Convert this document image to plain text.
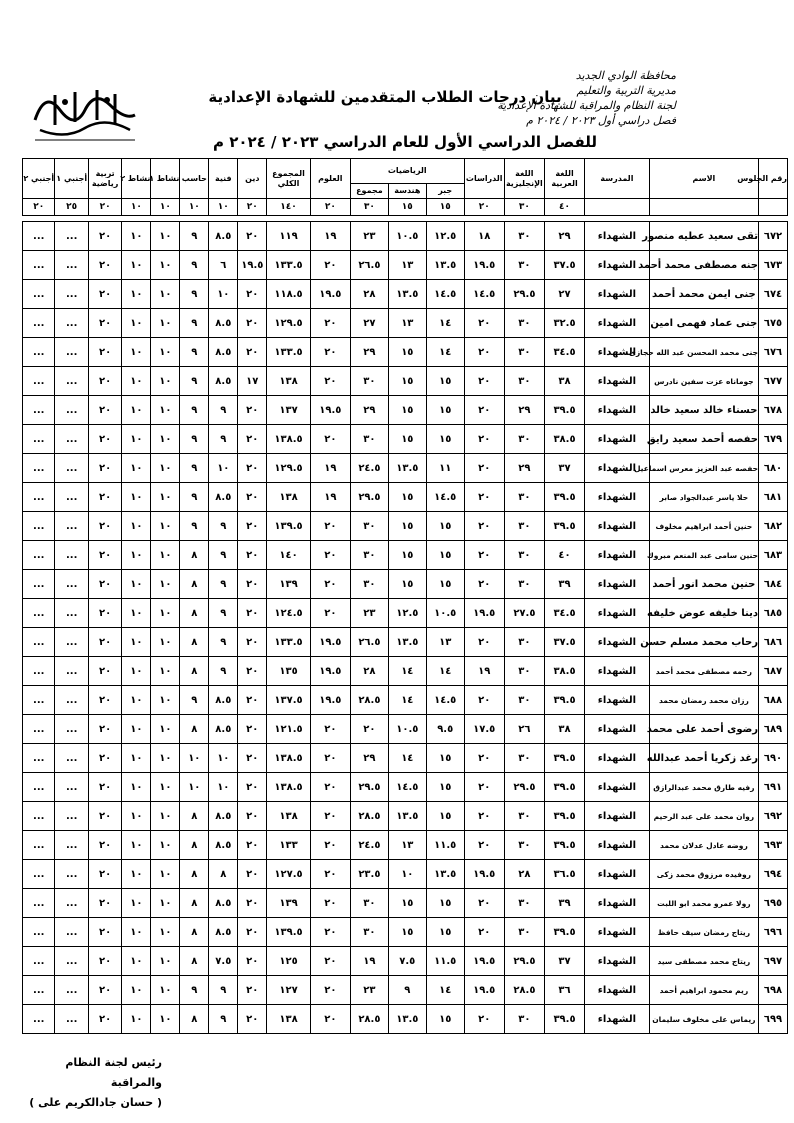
محافظة الوادي الجديد
مديرية التربية والتعليم
لجنة النظام والمراقبة للشهادة الإعدادية
فصل دراسي أول ٢٠٢٣ / ٢٠٢٤ م
بيان درجات الطلاب المتقدمين للشهادة الإعدادية
للفصل الدراسي الأول للعام الدراسي ٢٠٢٣ / ٢٠٢٤ م
رقم الجلوس	الاسم	المدرسة	اللغة العربية	اللغة الإنجليزية	الدراسات	الرياضيات			العلوم	المجموع الكلي	دين	فنية	حاسب	نشاط ١	نشاط ٢	تربية رياضية	أجنبي ١	أجنبي ٢
						جبر	هندسة	مجموع										
			٤٠	٣٠	٢٠	١٥	١٥	٣٠	٢٠	١٤٠	٢٠	١٠	١٠	١٠	١٠	٢٠	٢٥	٢٠

٦٧٢	تقى سعيد عطيه منصور	الشهداء	٢٩	٣٠	١٨	١٢.٥	١٠.٥	٢٣	١٩	١١٩	٢٠	٨.٥	٩	١٠	١٠	٢٠	...	...
٦٧٣	جنه مصطفى محمد أحمد	الشهداء	٣٧.٥	٣٠	١٩.٥	١٣.٥	١٣	٢٦.٥	٢٠	١٣٣.٥	١٩.٥	٦	٩	١٠	١٠	٢٠	...	...
٦٧٤	جنى ايمن محمد أحمد	الشهداء	٢٧	٢٩.٥	١٤.٥	١٤.٥	١٣.٥	٢٨	١٩.٥	١١٨.٥	٢٠	١٠	٩	١٠	١٠	٢٠	...	...
٦٧٥	جنى عماد فهمى امين	الشهداء	٣٢.٥	٣٠	٢٠	١٤	١٣	٢٧	٢٠	١٢٩.٥	٢٠	٨.٥	٩	١٠	١٠	٢٠	...	...
٦٧٦	جنى محمد المحسن عبد الله حجازى	الشهداء	٣٤.٥	٣٠	٢٠	١٤	١٥	٢٩	٢٠	١٣٣.٥	٢٠	٨.٥	٩	١٠	١٠	٢٠	...	...
٦٧٧	جوماناه عزت سفين نادرس	الشهداء	٣٨	٣٠	٢٠	١٥	١٥	٣٠	٢٠	١٣٨	١٧	٨.٥	٩	١٠	١٠	٢٠	...	...
٦٧٨	حسناء خالد سعيد خالد	الشهداء	٣٩.٥	٢٩	٢٠	١٥	١٥	٢٩	١٩.٥	١٣٧	٢٠	٩	٩	١٠	١٠	٢٠	...	...
٦٧٩	حفصه أحمد سعيد رايق	الشهداء	٣٨.٥	٣٠	٢٠	١٥	١٥	٣٠	٢٠	١٣٨.٥	٢٠	٩	٩	١٠	١٠	٢٠	...	...
٦٨٠	حفصه عبد العزيز معرس اسماعيل	الشهداء	٣٧	٢٩	٢٠	١١	١٣.٥	٢٤.٥	١٩	١٢٩.٥	٢٠	١٠	٩	١٠	١٠	٢٠	...	...
٦٨١	حلا ياسر عبدالجواد صابر	الشهداء	٣٩.٥	٣٠	٢٠	١٤.٥	١٥	٢٩.٥	١٩	١٣٨	٢٠	٨.٥	٩	١٠	١٠	٢٠	...	...
٦٨٢	حنين أحمد ابراهيم مخلوف	الشهداء	٣٩.٥	٣٠	٢٠	١٥	١٥	٣٠	٢٠	١٣٩.٥	٢٠	٩	٩	١٠	١٠	٢٠	...	...
٦٨٣	حنين سامى عبد المنعم مبروك	الشهداء	٤٠	٣٠	٢٠	١٥	١٥	٣٠	٢٠	١٤٠	٢٠	٩	٨	١٠	١٠	٢٠	...	...
٦٨٤	حنين محمد انور أحمد	الشهداء	٣٩	٣٠	٢٠	١٥	١٥	٣٠	٢٠	١٣٩	٢٠	٩	٨	١٠	١٠	٢٠	...	...
٦٨٥	دينا خليفه عوض خليفه	الشهداء	٣٤.٥	٢٧.٥	١٩.٥	١٠.٥	١٢.٥	٢٣	٢٠	١٢٤.٥	٢٠	٩	٨	١٠	١٠	٢٠	...	...
٦٨٦	رحاب محمد مسلم حسن	الشهداء	٣٧.٥	٣٠	٢٠	١٣	١٣.٥	٢٦.٥	١٩.٥	١٣٣.٥	٢٠	٩	٨	١٠	١٠	٢٠	...	...
٦٨٧	رحمه مصطفى محمد أحمد	الشهداء	٣٨.٥	٣٠	١٩	١٤	١٤	٢٨	١٩.٥	١٣٥	٢٠	٩	٨	١٠	١٠	٢٠	...	...
٦٨٨	رزان محمد رمضان محمد	الشهداء	٣٩.٥	٣٠	٢٠	١٤.٥	١٤	٢٨.٥	١٩.٥	١٣٧.٥	٢٠	٨.٥	٩	١٠	١٠	٢٠	...	...
٦٨٩	رضوى أحمد على محمد	الشهداء	٣٨	٢٦	١٧.٥	٩.٥	١٠.٥	٢٠	٢٠	١٢١.٥	٢٠	٨.٥	٨	١٠	١٠	٢٠	...	...
٦٩٠	رغد زكريا أحمد عبدالله	الشهداء	٣٩.٥	٣٠	٢٠	١٥	١٤	٢٩	٢٠	١٣٨.٥	٢٠	١٠	١٠	١٠	١٠	٢٠	...	...
٦٩١	رفيه طارق محمد عبدالرازق	الشهداء	٣٩.٥	٢٩.٥	٢٠	١٥	١٤.٥	٢٩.٥	٢٠	١٣٨.٥	٢٠	١٠	١٠	١٠	١٠	٢٠	...	...
٦٩٢	روان محمد على عبد الرحيم	الشهداء	٣٩.٥	٣٠	٢٠	١٥	١٣.٥	٢٨.٥	٢٠	١٣٨	٢٠	٨.٥	٨	١٠	١٠	٢٠	...	...
٦٩٣	روضه عادل عدلان محمد	الشهداء	٣٩.٥	٣٠	٢٠	١١.٥	١٣	٢٤.٥	٢٠	١٣٣	٢٠	٨.٥	٨	١٠	١٠	٢٠	...	...
٦٩٤	روفيده مرزوق محمد زكى	الشهداء	٣٦.٥	٢٨	١٩.٥	١٣.٥	١٠	٢٣.٥	٢٠	١٢٧.٥	٢٠	٨	٨	١٠	١٠	٢٠	...	...
٦٩٥	رولا عمرو محمد ابو اللبت	الشهداء	٣٩	٣٠	٢٠	١٥	١٥	٣٠	٢٠	١٣٩	٢٠	٨.٥	٨	١٠	١٠	٢٠	...	...
٦٩٦	ريتاج رمضان سيف حافظ	الشهداء	٣٩.٥	٣٠	٢٠	١٥	١٥	٣٠	٢٠	١٣٩.٥	٢٠	٨.٥	٨	١٠	١٠	٢٠	...	...
٦٩٧	ريتاج محمد مصطفى سيد	الشهداء	٣٧	٢٩.٥	١٩.٥	١١.٥	٧.٥	١٩	٢٠	١٢٥	٢٠	٧.٥	٨	١٠	١٠	٢٠	...	...
٦٩٨	ريم محمود ابراهيم أحمد	الشهداء	٣٦	٢٨.٥	١٩.٥	١٤	٩	٢٣	٢٠	١٢٧	٢٠	٩	٩	١٠	١٠	٢٠	...	...
٦٩٩	ريماس على مخلوف سليمان	الشهداء	٣٩.٥	٣٠	٢٠	١٥	١٣.٥	٢٨.٥	٢٠	١٣٨	٢٠	٩	٨	١٠	١٠	٢٠	...	...
رئيس لجنة النظام والمراقبة
( حسان جادالكريم على )
